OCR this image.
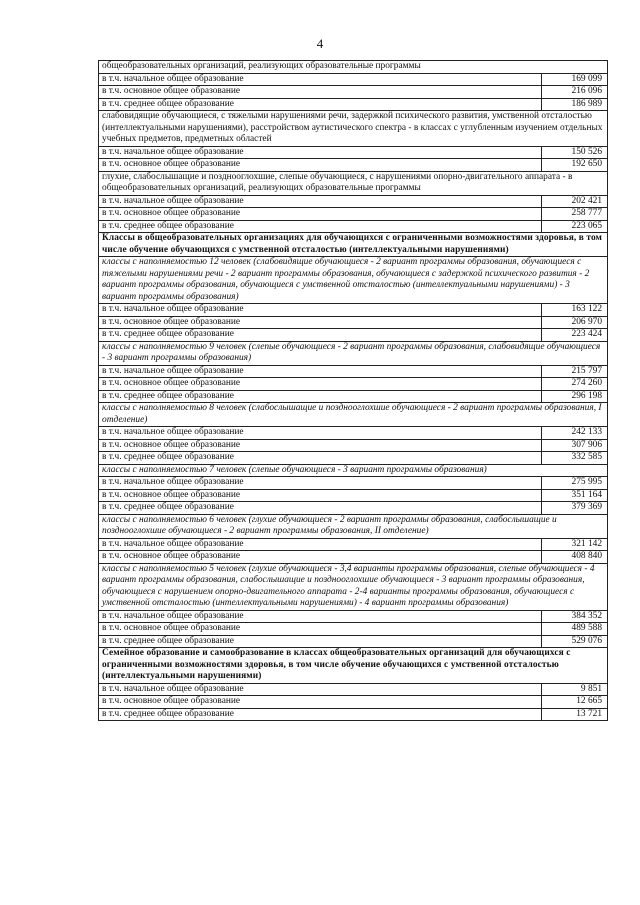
4
общеобразовательных организаций, реализующих образовательные программы	
в т.ч. начальное общее образование	169 099
в т.ч. основное общее образование	216 096
в т.ч. среднее общее образование	186 989
слабовидящие обучающиеся, с тяжелыми нарушениями речи, задержкой психического развития, умственной отсталостью (интеллектуальными нарушениями), расстройством аутистического спектра - в классах с углубленным изучением отдельных учебных предметов, предметных областей	
в т.ч. начальное общее образование	150 526
в т.ч. основное общее образование	192 650
глухие, слабослышащие и позднооглохшие, слепые обучающиеся, с нарушениями опорно-двигательного аппарата - в общеобразовательных организаций, реализующих образовательные программы	
в т.ч. начальное общее образование	202 421
в т.ч. основное общее образование	258 777
в т.ч. среднее общее образование	223 065
Классы в общеобразовательных организациях для обучающихся с ограниченными возможностями здоровья, в том числе обучение обучающихся с умственной отсталостью (интеллектуальными нарушениями)	
классы с наполняемостью 12 человек (слабовидящие обучающиеся - 2 вариант программы образования, обучающиеся с тяжелыми нарушениями речи - 2 вариант программы образования, обучающиеся с задержкой психического развития - 2 вариант программы образования, обучающиеся с умственной отсталостью (интеллектуальными нарушениями) - 3 вариант программы образования)	
в т.ч. начальное общее образование	163 122
в т.ч. основное общее образование	206 970
в т.ч. среднее общее образование	223 424
классы с наполняемостью 9 человек (слепые обучающиеся - 2 вариант программы образования, слабовидящие обучающиеся - 3 вариант программы образования)	
в т.ч. начальное общее образование	215 797
в т.ч. основное общее образование	274 260
в т.ч. среднее общее образование	296 198
классы с наполняемостью 8 человек (слабослышащие и позднооглохшие обучающиеся - 2 вариант программы образования, I отделение)	
в т.ч. начальное общее образование	242 133
в т.ч. основное общее образование	307 906
в т.ч. среднее общее образование	332 585
классы с наполняемостью 7 человек (слепые обучающиеся - 3 вариант программы образования)	
в т.ч. начальное общее образование	275 995
в т.ч. основное общее образование	351 164
в т.ч. среднее общее образование	379 369
классы с наполняемостью 6 человек (глухие обучающиеся - 2 вариант программы образования, слабослышащие и позднооглохшие обучающиеся - 2 вариант программы образования, II отделение)	
в т.ч. начальное общее образование	321 142
в т.ч. основное общее образование	408 840
классы с наполняемостью 5 человек (глухие обучающиеся - 3,4 варианты программы образования, слепые обучающиеся - 4 вариант программы образования, слабослышащие и позднооглохшие обучающиеся - 3 вариант программы образования, обучающиеся с нарушением опорно-двигательного аппарата - 2-4 варианты программы образования, обучающиеся с умственной отсталостью (интеллектуальными нарушениями) - 4 вариант программы образования)	
в т.ч. начальное общее образование	384 352
в т.ч. основное общее образование	489 588
в т.ч. среднее общее образование	529 076
Семейное образование и самообразование в классах общеобразовательных организаций для обучающихся с ограниченными возможностями здоровья, в том числе обучение обучающихся с умственной отсталостью (интеллектуальными нарушениями)	
в т.ч. начальное общее образование	9 851
в т.ч. основное общее образование	12 665
в т.ч. среднее общее образование	13 721
